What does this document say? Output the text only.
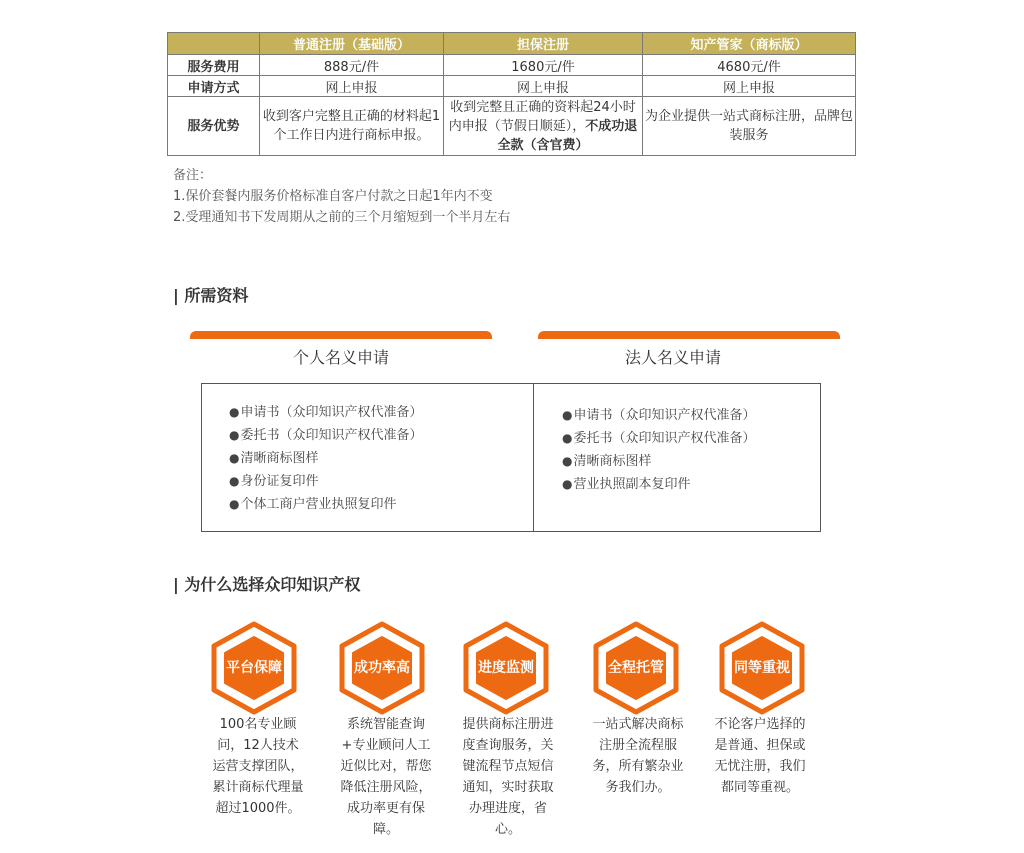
	普通注册（基础版）	担保注册	知产管家（商标版）
服务费用	888元/件	1680元/件	4680元/件
申请方式	网上申报	网上申报	网上申报
服务优势	收到客户完整且正确的材料起1个工作日内进行商标申报。	收到完整且正确的资料起24小时内申报（节假日顺延），不成功退全款（含官费）	为企业提供一站式商标注册，品牌包装服务
备注：
1.保价套餐内服务价格标准自客户付款之日起1年内不变
2.受理通知书下发周期从之前的三个月缩短到一个半月左右
| 所需资料
个人名义申请	法人名义申请
● 申请书（众印知识产权代准备）
● 委托书（众印知识产权代准备）
● 清晰商标图样
● 身份证复印件
● 个体工商户营业执照复印件
● 申请书（众印知识产权代准备）
● 委托书（众印知识产权代准备）
● 清晰商标图样
● 营业执照副本复印件
| 为什么选择众印知识产权
平台 保障	成功 率高	进度 监测	全程 托管	同等 重视
100名专业顾问，12人技术运营支撑团队，累计商标代理量超过1000件。
系统智能查询+专业顾问人工近似比对，帮您降低注册风险，成功率更有保障。
提供商标注册进度查询服务，关键流程节点短信通知，实时获取办理进度，省心。
一站式解决商标注册全流程服务，所有繁杂业务我们办。
不论客户选择的是普通、担保或无忧注册，我们都同等重视。
